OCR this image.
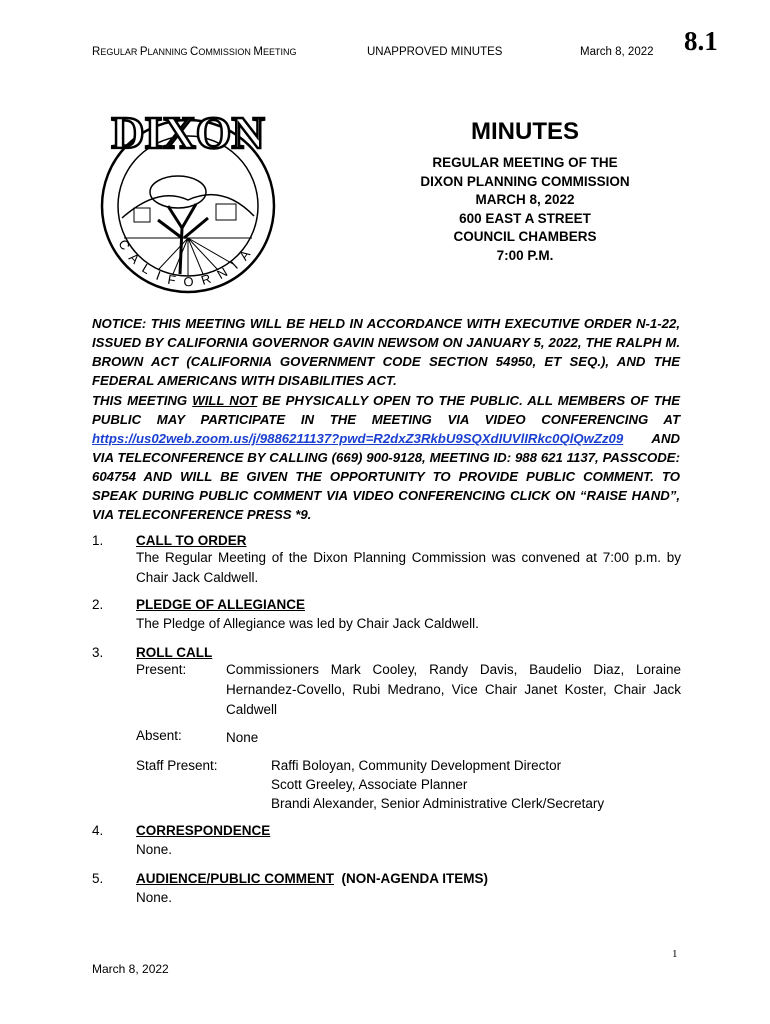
REGULAR PLANNING COMMISSION MEETING	UNAPPROVED MINUTES	March 8, 2022 8.1
DIXON
CALIFORNIA
MINUTES
REGULAR MEETING OF THE
DIXON PLANNING COMMISSION
MARCH 8, 2022
600 EAST A STREET
COUNCIL CHAMBERS
7:00 P.M.

NOTICE: THIS MEETING WILL BE HELD IN ACCORDANCE WITH EXECUTIVE ORDER N-1-22, ISSUED BY CALIFORNIA GOVERNOR GAVIN NEWSOM ON JANUARY 5, 2022, THE RALPH M. BROWN ACT (CALIFORNIA GOVERNMENT CODE SECTION 54950, ET SEQ.), AND THE FEDERAL AMERICANS WITH DISABILITIES ACT.

THIS MEETING WILL NOT BE PHYSICALLY OPEN TO THE PUBLIC. ALL MEMBERS OF THE PUBLIC MAY PARTICIPATE IN THE MEETING VIA VIDEO CONFERENCING AT https://us02web.zoom.us/j/9886211137?pwd=R2dxZ3RkbU9SQXdIUVlIRkc0QlQwZz09 AND VIA TELECONFERENCE BY CALLING (669) 900-9128, MEETING ID: 988 621 1137, PASSCODE: 604754 AND WILL BE GIVEN THE OPPORTUNITY TO PROVIDE PUBLIC COMMENT. TO SPEAK DURING PUBLIC COMMENT VIA VIDEO CONFERENCING CLICK ON “RAISE HAND”, VIA TELECONFERENCE PRESS *9.

1. CALL TO ORDER
The Regular Meeting of the Dixon Planning Commission was convened at 7:00 p.m. by Chair Jack Caldwell.
2. PLEDGE OF ALLEGIANCE
The Pledge of Allegiance was led by Chair Jack Caldwell.
3. ROLL CALL
Present:	Commissioners Mark Cooley, Randy Davis, Baudelio Diaz, Loraine Hernandez-Covello, Rubi Medrano, Vice Chair Janet Koster, Chair Jack Caldwell
Absent:	None
Staff Present:	Raffi Boloyan, Community Development Director
Scott Greeley, Associate Planner
Brandi Alexander, Senior Administrative Clerk/Secretary
4. CORRESPONDENCE
None.
5. AUDIENCE/PUBLIC COMMENT  (NON-AGENDA ITEMS)
None.
1
March 8, 2022
